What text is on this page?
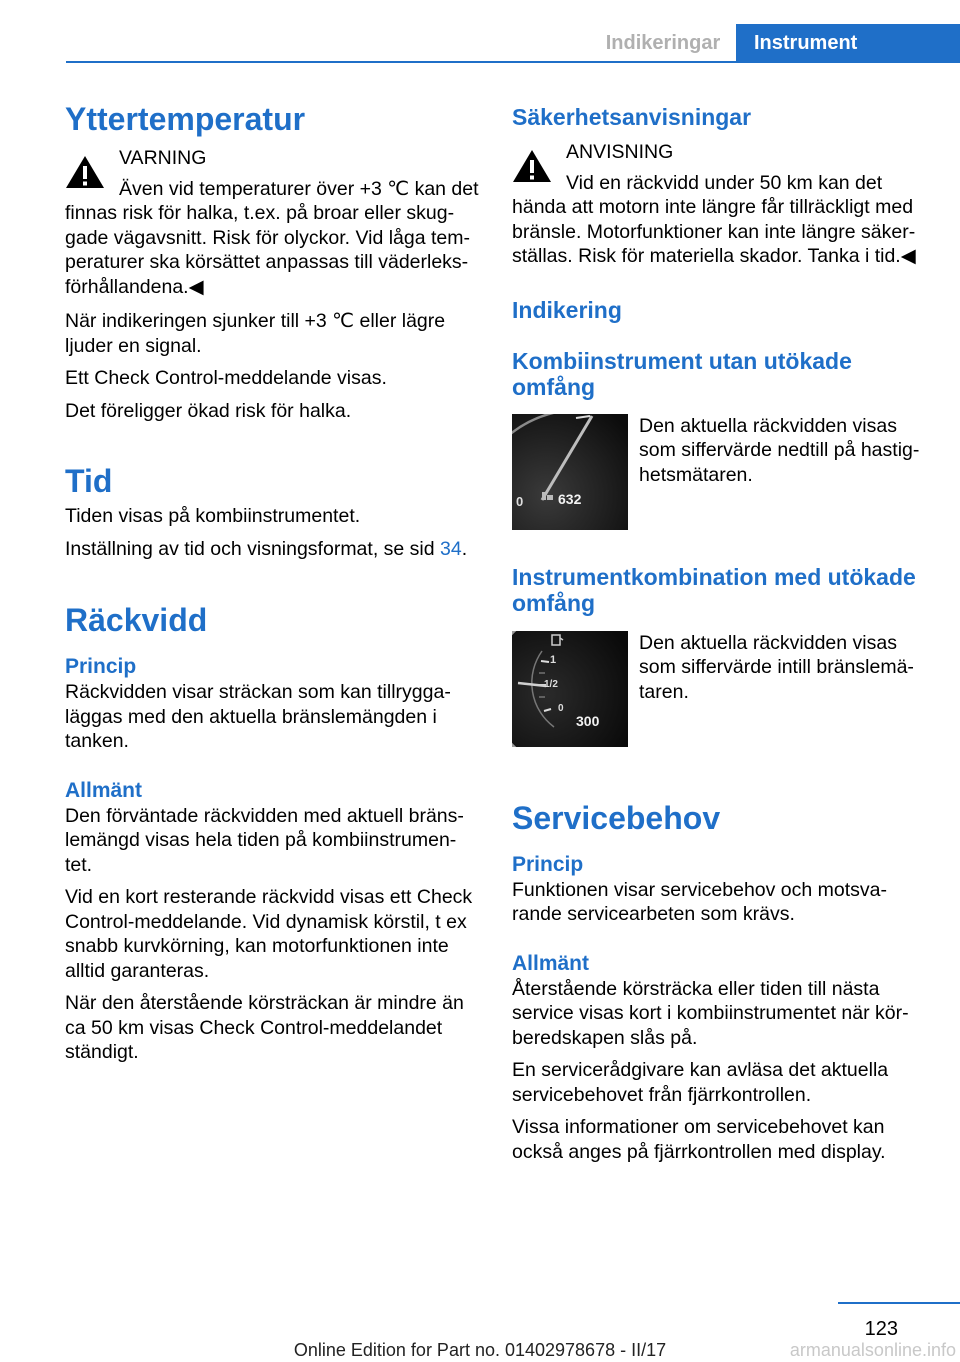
Indikeringar	Instrument
Yttertemperatur
VARNING
Även vid temperaturer över +3 ℃ kan det finnas risk för halka, t.ex. på broar eller skug‐gade vägavsnitt. Risk för olyckor. Vid låga tem‐peraturer ska körsättet anpassas till väderleks‐förhållandena.◀
När indikeringen sjunker till +3 ℃ eller lägre ljuder en signal.
Ett Check Control-meddelande visas.
Det föreligger ökad risk för halka.
Tid
Tiden visas på kombiinstrumentet.
Inställning av tid och visningsformat, se sid 34.
Räckvidd
Princip
Räckvidden visar sträckan som kan tillrygga‐läggas med den aktuella bränslemängden i tanken.
Allmänt
Den förväntade räckvidden med aktuell bräns‐lemängd visas hela tiden på kombiinstrumen‐tet.
Vid en kort resterande räckvidd visas ett Check Control-meddelande. Vid dynamisk körstil, t ex snabb kurvkörning, kan motorfunktionen inte alltid garanteras.
När den återstående körsträckan är mindre än ca 50 km visas Check Control-meddelandet ständigt.
Säkerhetsanvisningar
ANVISNING
Vid en räckvidd under 50 km kan det hända att motorn inte längre får tillräckligt med bränsle. Motorfunktioner kan inte längre säker‐ställas. Risk för materiella skador. Tanka i tid.◀
Indikering
Kombiinstrument utan utökade omfång
0 632
Den aktuella räckvidden visas som siffervärde nedtill på hastig‐hetsmätaren.
Instrumentkombination med utökade omfång
1
1/2
0
300
Den aktuella räckvidden visas som siffervärde intill bränslemä‐taren.
Servicebehov
Princip
Funktionen visar servicebehov och motsva‐rande servicearbeten som krävs.
Allmänt
Återstående körsträcka eller tiden till nästa service visas kort i kombiinstrumentet när kör‐beredskapen slås på.
En servicerådgivare kan avläsa det aktuella servicebehovet från fjärrkontrollen.
Vissa informationer om servicebehovet kan också anges på fjärrkontrollen med display.
123
Online Edition for Part no. 01402978678 - II/17	armanualsonline.info
